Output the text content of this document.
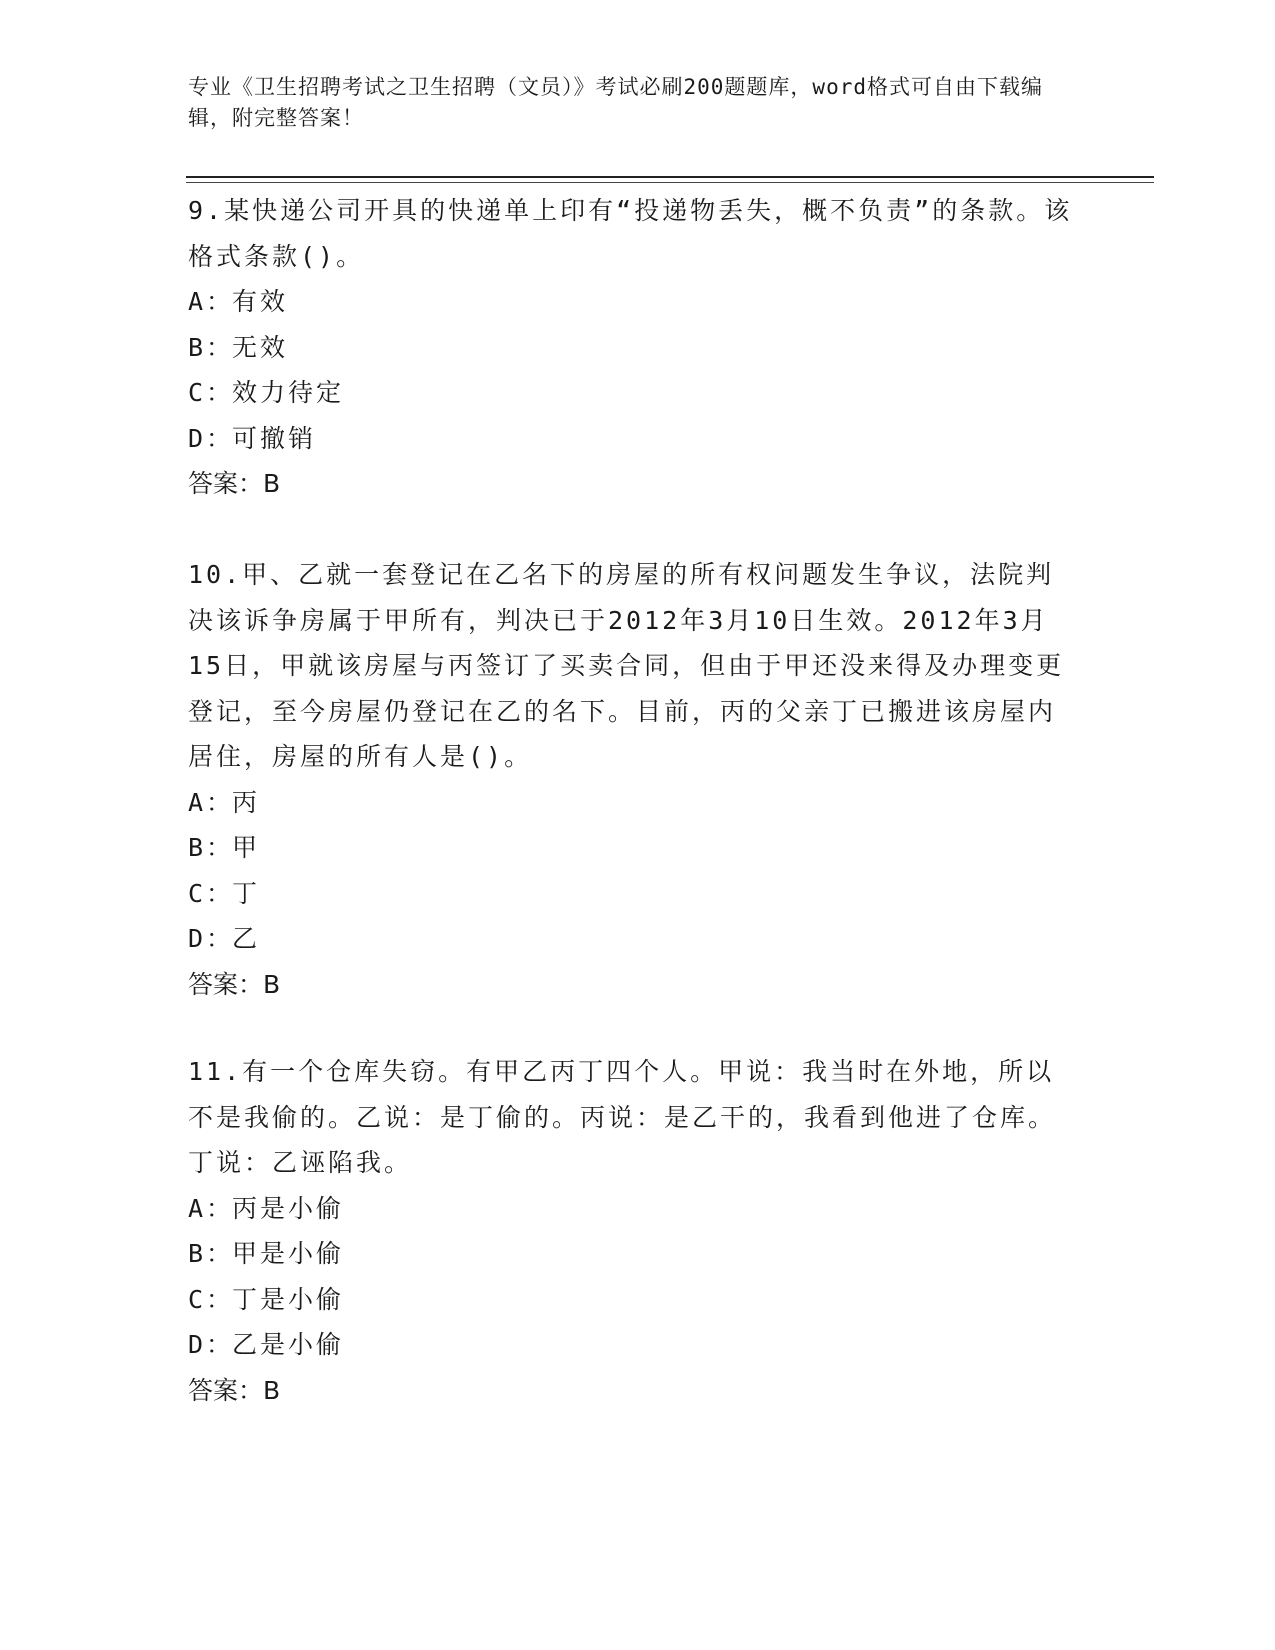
专业《卫生招聘考试之卫生招聘（文员）》考试必刷200题题库，word格式可自由下载编辑，附完整答案！

9.某快递公司开具的快递单上印有“投递物丢失，概不负责”的条款。该格式条款()。

A：有效

B：无效

C：效力待定

D：可撤销

答案：B

10.甲、乙就一套登记在乙名下的房屋的所有权问题发生争议，法院判决该诉争房属于甲所有，判决已于2012年3月10日生效。2012年3月15日，甲就该房屋与丙签订了买卖合同，但由于甲还没来得及办理变更登记，至今房屋仍登记在乙的名下。目前，丙的父亲丁已搬进该房屋内居住，房屋的所有人是()。

A：丙

B：甲

C：丁

D：乙

答案：B

11.有一个仓库失窃。有甲乙丙丁四个人。甲说：我当时在外地，所以不是我偷的。乙说：是丁偷的。丙说：是乙干的，我看到他进了仓库。丁说：乙诬陷我。

A：丙是小偷

B：甲是小偷

C：丁是小偷

D：乙是小偷

答案：B
